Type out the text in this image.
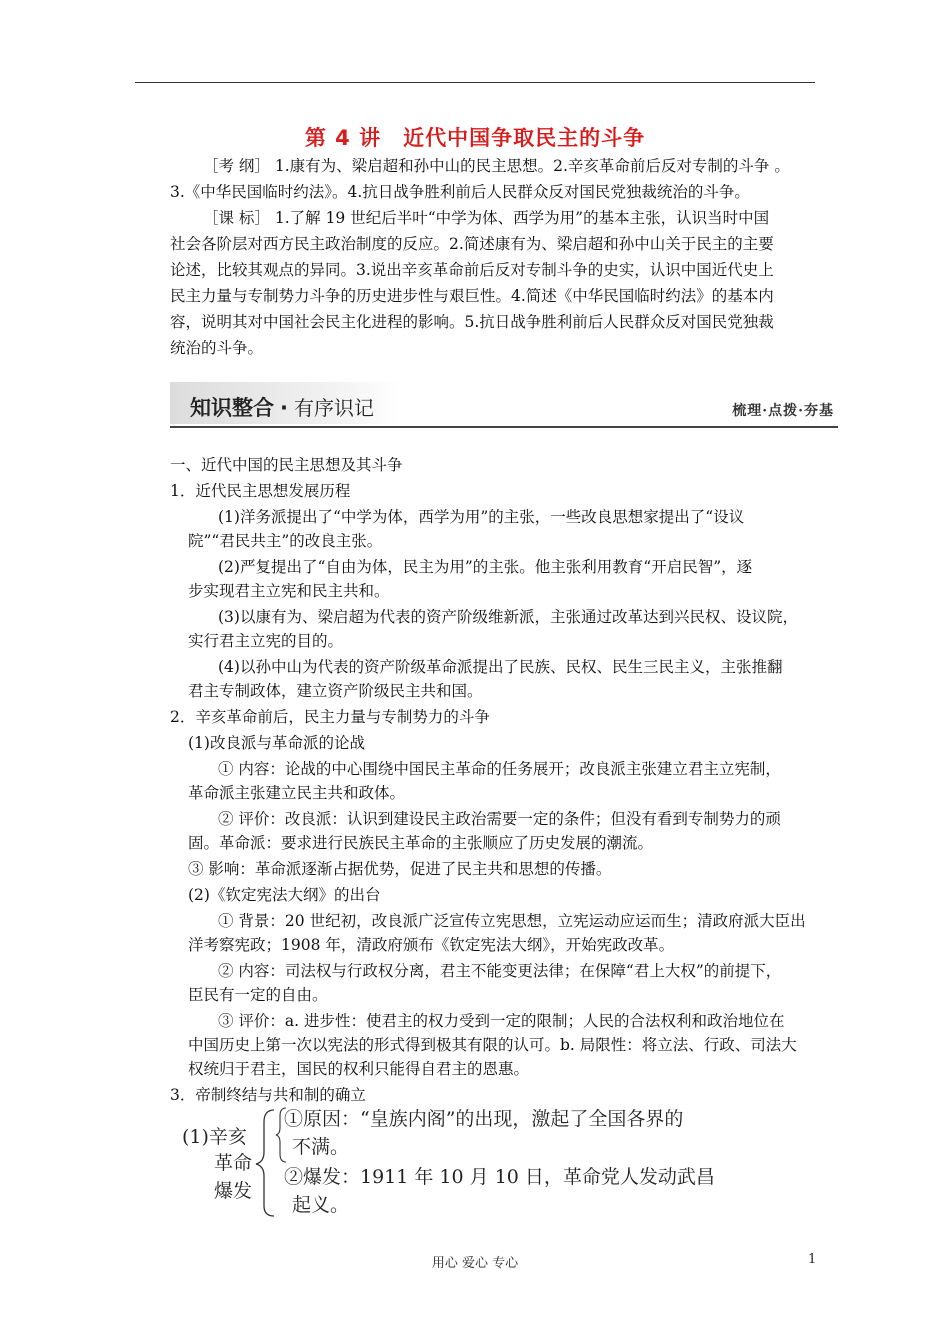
第 4 讲　近代中国争取民主的斗争
［考 纲］ 1.康有为、梁启超和孙中山的民主思想。2.辛亥革命前后反对专制的斗争 。
3.《中华民国临时约法》。4.抗日战争胜利前后人民群众反对国民党独裁统治的斗争。
［课 标］ 1.了解 19 世纪后半叶“中学为体、西学为用”的基本主张，认识当时中国
社会各阶层对西方民主政治制度的反应。2.简述康有为、梁启超和孙中山关于民主的主要
论述，比较其观点的异同。3.说出辛亥革命前后反对专制斗争的史实，认识中国近代史上
民主力量与专制势力斗争的历史进步性与艰巨性。4.简述《中华民国临时约法》的基本内
容，说明其对中国社会民主化进程的影响。5.抗日战争胜利前后人民群众反对国民党独裁
统治的斗争。
知识整合 · 有序识记	梳理·点拨·夯基
一、近代中国的民主思想及其斗争
1．近代民主思想发展历程
(1)洋务派提出了“中学为体，西学为用”的主张，一些改良思想家提出了“设议
院”“君民共主”的改良主张。
(2)严复提出了“自由为体，民主为用”的主张。他主张利用教育“开启民智”，逐
步实现君主立宪和民主共和。
(3)以康有为、梁启超为代表的资产阶级维新派，主张通过改革达到兴民权、设议院，
实行君主立宪的目的。
(4)以孙中山为代表的资产阶级革命派提出了民族、民权、民生三民主义，主张推翻
君主专制政体，建立资产阶级民主共和国。
2．辛亥革命前后，民主力量与专制势力的斗争
(1)改良派与革命派的论战
① 内容：论战的中心围绕中国民主革命的任务展开；改良派主张建立君主立宪制，
革命派主张建立民主共和政体。
② 评价：改良派：认识到建设民主政治需要一定的条件；但没有看到专制势力的顽
固。革命派：要求进行民族民主革命的主张顺应了历史发展的潮流。
③ 影响：革命派逐渐占据优势，促进了民主共和思想的传播。
(2)《钦定宪法大纲》的出台
① 背景：20 世纪初，改良派广泛宣传立宪思想，立宪运动应运而生；清政府派大臣出
洋考察宪政；1908 年，清政府颁布《钦定宪法大纲》，开始宪政改革。
② 内容：司法权与行政权分离，君主不能变更法律；在保障“君上大权”的前提下，
臣民有一定的自由。
③ 评价：a. 进步性：使君主的权力受到一定的限制；人民的合法权利和政治地位在
中国历史上第一次以宪法的形式得到极其有限的认可。b. 局限性：将立法、行政、司法大
权统归于君主，国民的权利只能得自君主的恩惠。
3．帝制终结与共和制的确立
(1)辛亥
革命
爆发
①原因：“皇族内阁”的出现，激起了全国各界的
不满。
②爆发：1911 年 10 月 10 日，革命党人发动武昌
起义。
用心 爱心 专心	1
